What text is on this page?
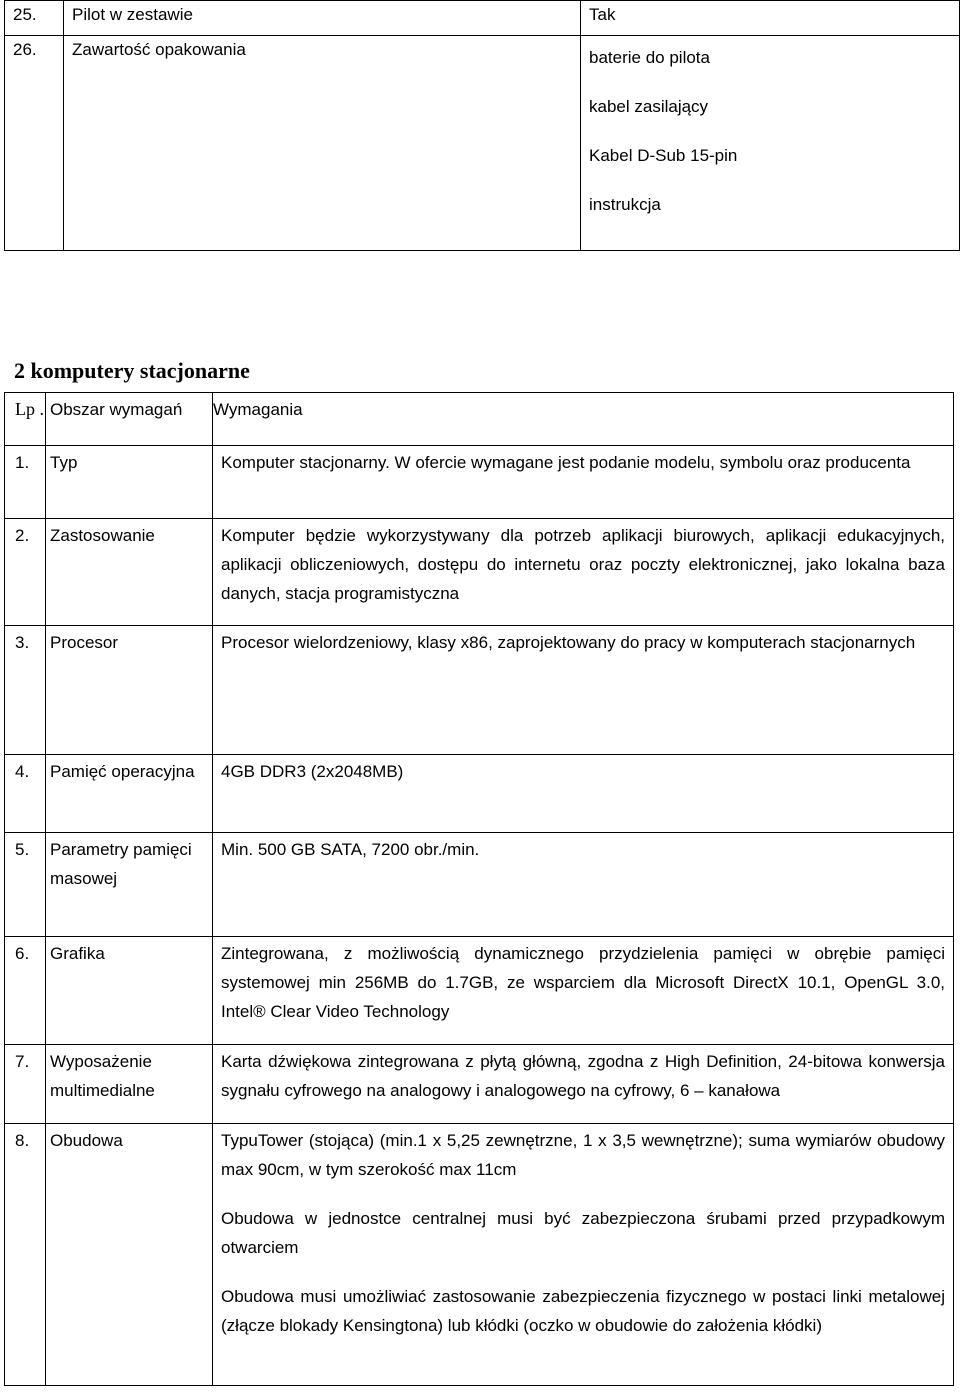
25.	Pilot w zestawie	Tak
26.	Zawartość opakowania	baterie do pilota
kabel zasilający
Kabel D-Sub 15-pin
instrukcja
2 komputery stacjonarne
Lp .	Obszar wymagań	Wymagania
1.	Typ	Komputer stacjonarny. W ofercie wymagane jest podanie modelu, symbolu oraz producenta

2.	Zastosowanie	Komputer będzie wykorzystywany dla potrzeb aplikacji biurowych, aplikacji edukacyjnych, aplikacji obliczeniowych, dostępu do internetu oraz poczty elektronicznej, jako lokalna baza danych, stacja programistyczna

3.	Procesor	Procesor wielordzeniowy, klasy x86, zaprojektowany do pracy w komputerach stacjonarnych

4.	Pamięć operacyjna	4GB DDR3 (2x2048MB)

5.	Parametry pamięci masowej	Min. 500 GB SATA, 7200 obr./min.

6.	Grafika	Zintegrowana, z możliwością dynamicznego przydzielenia pamięci w obrębie pamięci systemowej min 256MB do 1.7GB, ze wsparciem dla Microsoft DirectX 10.1, OpenGL 3.0, Intel® Clear Video Technology

7.	Wyposażenie multimedialne	Karta dźwiękowa zintegrowana z płytą główną, zgodna z High Definition, 24-bitowa konwersja sygnału cyfrowego na analogowy i analogowego na cyfrowy, 6 – kanałowa

8.	Obudowa	TypuTower (stojąca) (min.1 x 5,25 zewnętrzne, 1 x 3,5 wewnętrzne); suma wymiarów obudowy max 90cm, w tym szerokość max 11cm
Obudowa w jednostce centralnej musi być zabezpieczona śrubami przed przypadkowym otwarciem
Obudowa musi umożliwiać zastosowanie zabezpieczenia fizycznego w postaci linki metalowej (złącze blokady Kensingtona) lub kłódki (oczko w obudowie do założenia kłódki)
